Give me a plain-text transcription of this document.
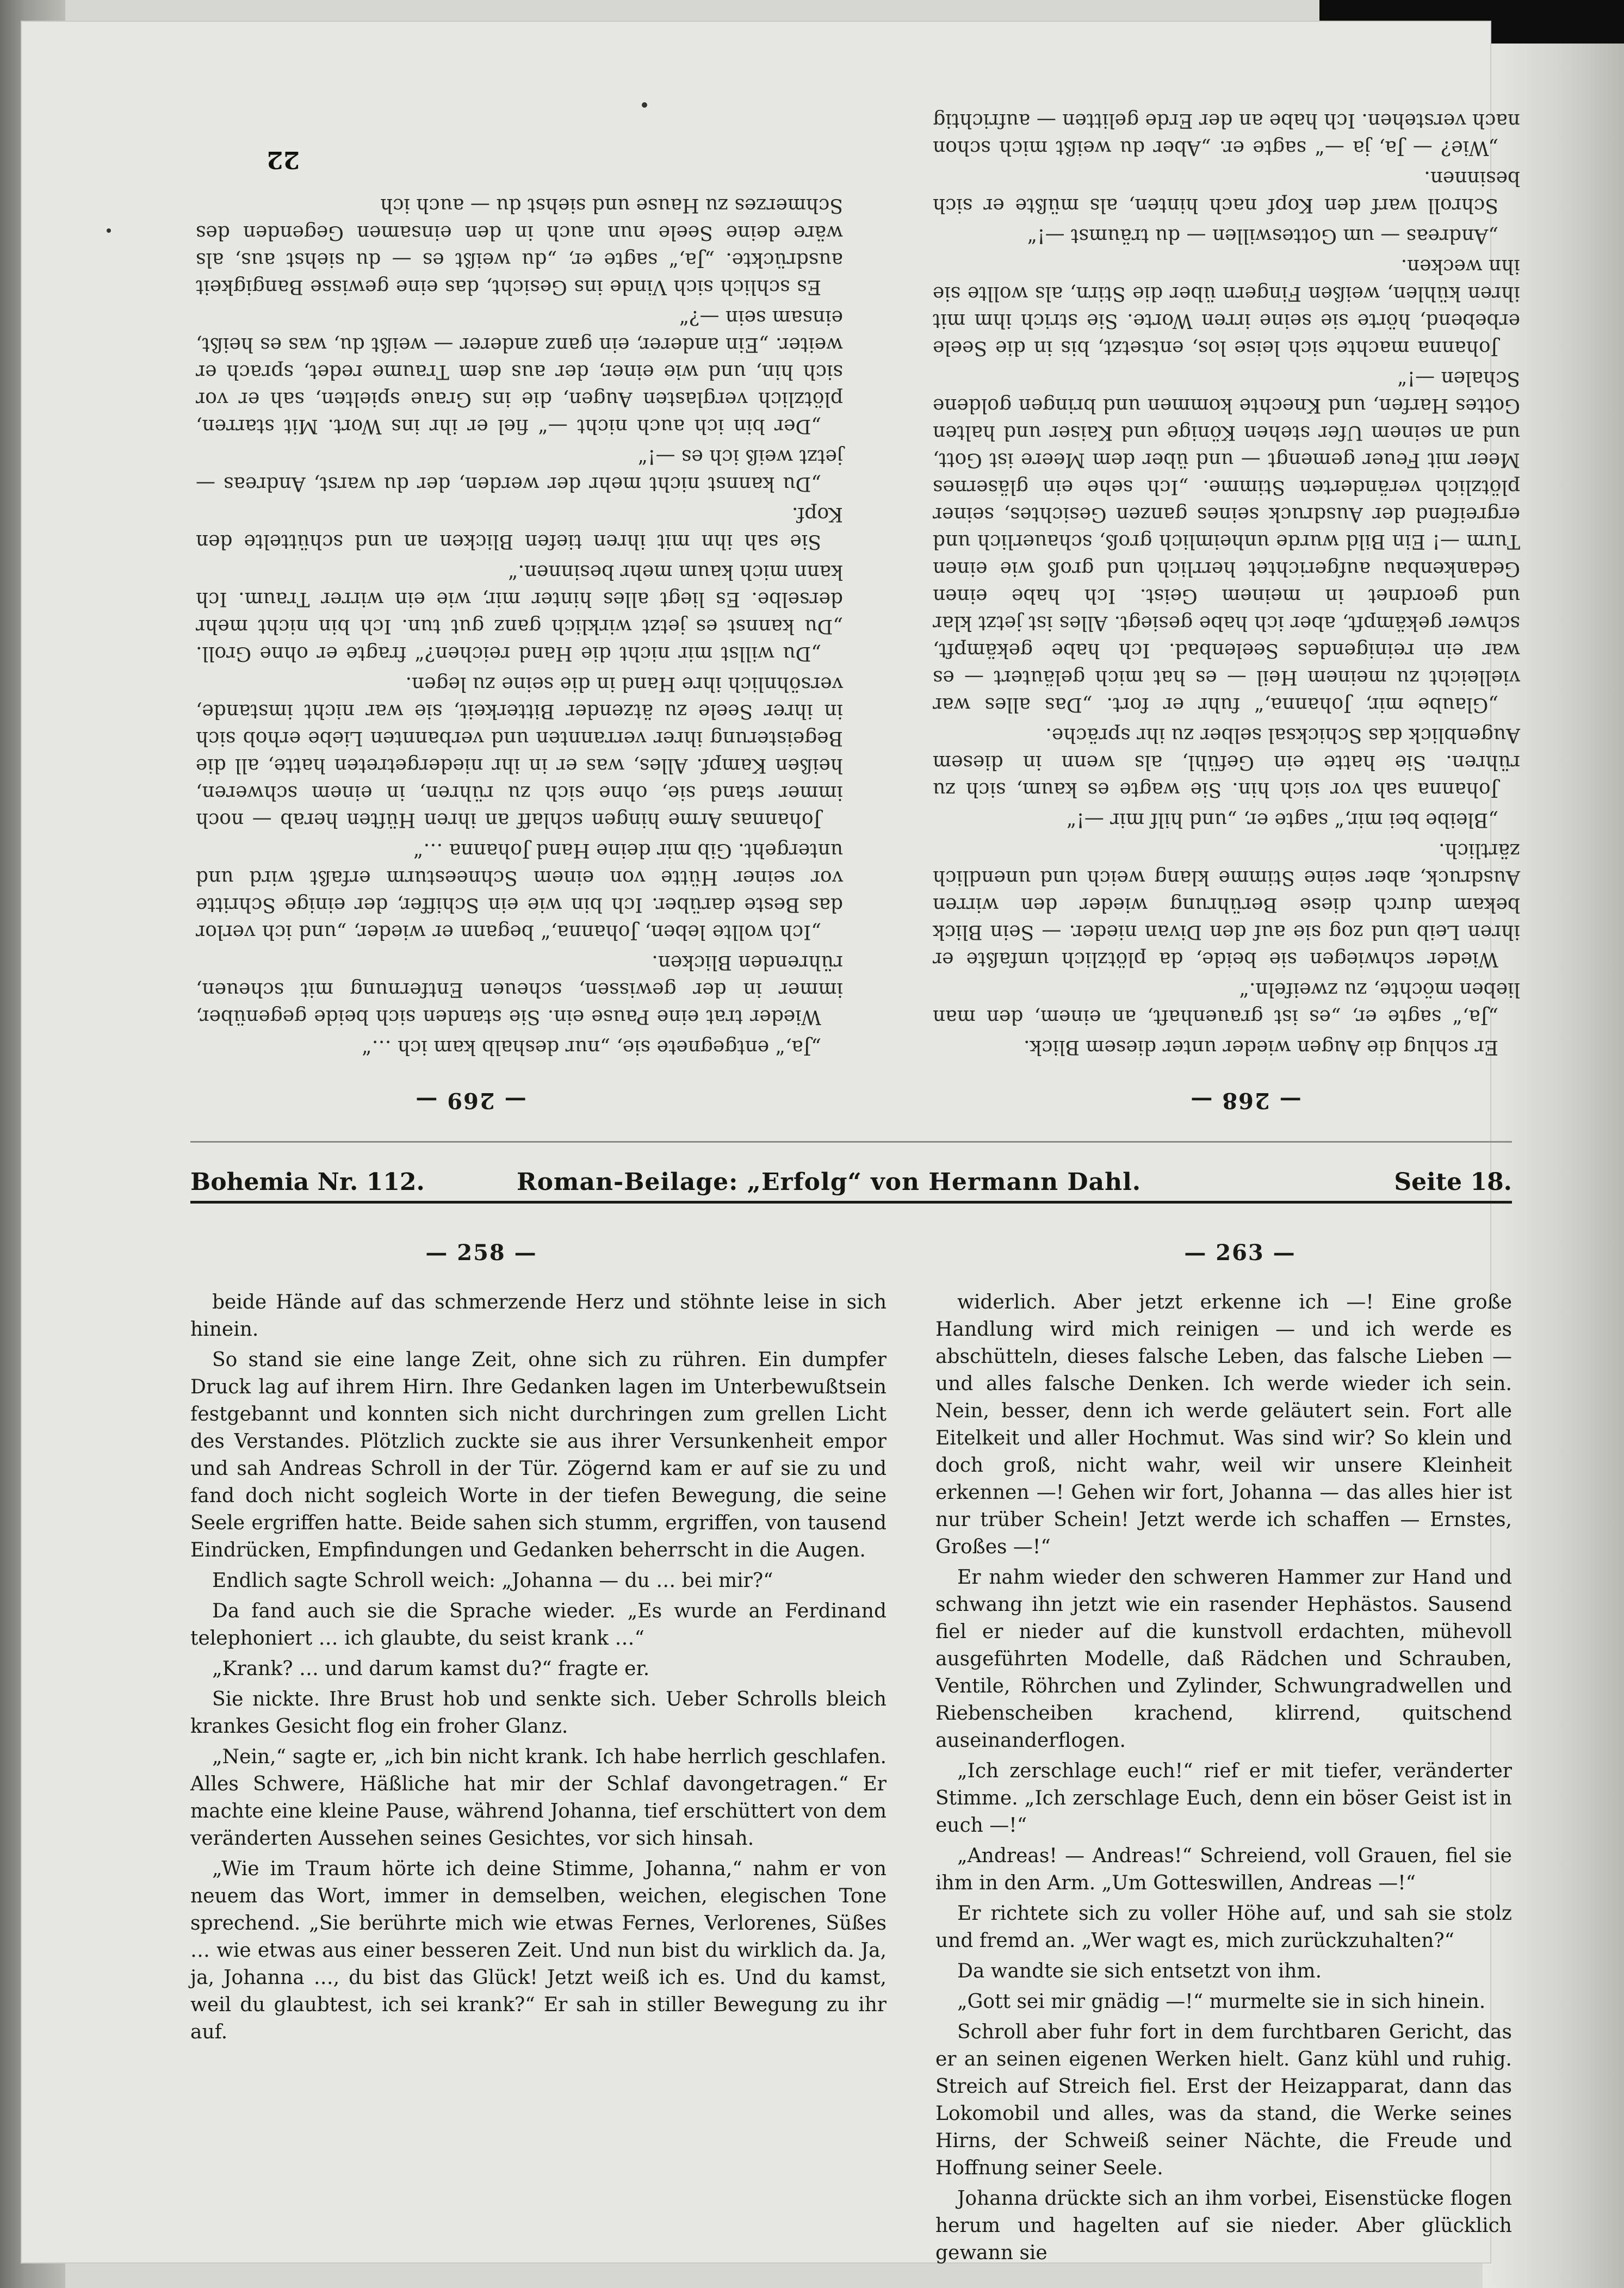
„Ja,“ entgegnete sie, „nur deshalb kam ich …“

Wieder trat eine Pause ein. Sie standen sich beide gegenüber, immer in der gewissen, scheuen Entfernung mit scheuen, rührenden Blicken.

„Ich wollte leben, Johanna,“ begann er wieder, „und ich verlor das Beste darüber. Ich bin wie ein Schiffer, der einige Schritte vor seiner Hütte von einem Schneesturm erfaßt wird und untergeht. Gib mir deine Hand Johanna …“

Johannas Arme hingen schlaff an ihren Hüften herab — noch immer stand sie, ohne sich zu rühren, in einem schweren, heißen Kampf. Alles, was er in ihr niedergetreten hatte, all die Begeisterung ihrer verrannten und verbannten Liebe erhob sich in ihrer Seele zu ätzender Bitterkeit, sie war nicht imstande, versöhnlich ihre Hand in die seine zu legen.

„Du willst mir nicht die Hand reichen?“ fragte er ohne Groll. „Du kannst es jetzt wirklich ganz gut tun. Ich bin nicht mehr derselbe. Es liegt alles hinter mir, wie ein wirrer Traum. Ich kann mich kaum mehr besinnen.“

Sie sah ihn mit ihren tiefen Blicken an und schüttelte den Kopf.

„Du kannst nicht mehr der werden, der du warst, Andreas — jetzt weiß ich es —!“

„Der bin ich auch nicht —“ fiel er ihr ins Wort. Mit starren, plötzlich verglasten Augen, die ins Graue spielten, sah er vor sich hin, und wie einer, der aus dem Traume redet, sprach er weiter. „Ein anderer, ein ganz anderer — weißt du, was es heißt, einsam sein —?“

Es schlich sich Vinde ins Gesicht, das eine gewisse Bangigkeit ausdrückte. „Ja,“ sagte er, „du weißt es — du siehst aus, als wäre deine Seele nun auch in den einsamen Gegenden des Schmerzes zu Hause und siehst du — auch ich

— 269 —

Er schlug die Augen wieder unter diesem Blick.

„Ja,“ sagte er, „es ist grauenhaft, an einem, den man lieben möchte, zu zweifeln.“

Wieder schwiegen sie beide, da plötzlich umfaßte er ihren Leib und zog sie auf den Divan nieder. — Sein Blick bekam durch diese Berührung wieder den wirren Ausdruck, aber seine Stimme klang weich und unendlich zärtlich.

„Bleibe bei mir,“ sagte er, „und hilf mir —!“

Johanna sah vor sich hin. Sie wagte es kaum, sich zu rühren. Sie hatte ein Gefühl, als wenn in diesem Augenblick das Schicksal selber zu ihr spräche.

„Glaube mir, Johanna,“ fuhr er fort. „Das alles war vielleicht zu meinem Heil — es hat mich geläutert — es war ein reinigendes Seelenbad. Ich habe gekämpft, schwer gekämpft, aber ich habe gesiegt. Alles ist jetzt klar und geordnet in meinem Geist. Ich habe einen Gedankenbau aufgerichtet herrlich und groß wie einen Turm —! Ein Bild wurde unheimlich groß, schauerlich und ergreifend der Ausdruck seines ganzen Gesichtes, seiner plötzlich veränderten Stimme. „Ich sehe ein gläsernes Meer mit Feuer gemengt — und über dem Meere ist Gott, und an seinem Ufer stehen Könige und Kaiser und halten Gottes Harfen, und Knechte kommen und bringen goldene Schalen —!“

Johanna machte sich leise los, entsetzt, bis in die Seele erbebend, hörte sie seine irren Worte. Sie strich ihm mit ihren kühlen, weißen Fingern über die Stirn, als wollte sie ihn wecken.

„Andreas — um Gotteswillen — du träumst —!“

Schroll warf den Kopf nach hinten, als müßte er sich besinnen.

„Wie? — Ja, ja —“ sagte er. „Aber du weißt mich schon nach verstehen. Ich habe an der Erde gelitten — aufrichtig

— 268 —
22
Bohemia Nr. 112.	Roman-Beilage: „Erfolg“ von Hermann Dahl.	Seite 18.
— 258 —

beide Hände auf das schmerzende Herz und stöhnte leise in sich hinein.

So stand sie eine lange Zeit, ohne sich zu rühren. Ein dumpfer Druck lag auf ihrem Hirn. Ihre Gedanken lagen im Unterbewußtsein festgebannt und konnten sich nicht durchringen zum grellen Licht des Verstandes. Plötzlich zuckte sie aus ihrer Versunkenheit empor und sah Andreas Schroll in der Tür. Zögernd kam er auf sie zu und fand doch nicht sogleich Worte in der tiefen Bewegung, die seine Seele ergriffen hatte. Beide sahen sich stumm, ergriffen, von tausend Eindrücken, Empfindungen und Gedanken beherrscht in die Augen.

Endlich sagte Schroll weich: „Johanna — du … bei mir?“

Da fand auch sie die Sprache wieder. „Es wurde an Ferdinand telephoniert … ich glaubte, du seist krank …“

„Krank? … und darum kamst du?“ fragte er.

Sie nickte. Ihre Brust hob und senkte sich. Ueber Schrolls bleich krankes Gesicht flog ein froher Glanz.

„Nein,“ sagte er, „ich bin nicht krank. Ich habe herrlich geschlafen. Alles Schwere, Häßliche hat mir der Schlaf davongetragen.“ Er machte eine kleine Pause, während Johanna, tief erschüttert von dem veränderten Aussehen seines Gesichtes, vor sich hinsah.

„Wie im Traum hörte ich deine Stimme, Johanna,“ nahm er von neuem das Wort, immer in demselben, weichen, elegischen Tone sprechend. „Sie berührte mich wie etwas Fernes, Verlorenes, Süßes … wie etwas aus einer besseren Zeit. Und nun bist du wirklich da. Ja, ja, Johanna …, du bist das Glück! Jetzt weiß ich es. Und du kamst, weil du glaubtest, ich sei krank?“ Er sah in stiller Bewegung zu ihr auf.

— 263 —

widerlich. Aber jetzt erkenne ich —! Eine große Handlung wird mich reinigen — und ich werde es abschütteln, dieses falsche Leben, das falsche Lieben — und alles falsche Denken. Ich werde wieder ich sein. Nein, besser, denn ich werde geläutert sein. Fort alle Eitelkeit und aller Hochmut. Was sind wir? So klein und doch groß, nicht wahr, weil wir unsere Kleinheit erkennen —! Gehen wir fort, Johanna — das alles hier ist nur trüber Schein! Jetzt werde ich schaffen — Ernstes, Großes —!“

Er nahm wieder den schweren Hammer zur Hand und schwang ihn jetzt wie ein rasender Hephästos. Sausend fiel er nieder auf die kunstvoll erdachten, mühevoll ausgeführten Modelle, daß Rädchen und Schrauben, Ventile, Röhrchen und Zylinder, Schwungradwellen und Riebenscheiben krachend, klirrend, quitschend auseinanderflogen.

„Ich zerschlage euch!“ rief er mit tiefer, veränderter Stimme. „Ich zerschlage Euch, denn ein böser Geist ist in euch —!“

„Andreas! — Andreas!“ Schreiend, voll Grauen, fiel sie ihm in den Arm. „Um Gotteswillen, Andreas —!“

Er richtete sich zu voller Höhe auf, und sah sie stolz und fremd an. „Wer wagt es, mich zurückzuhalten?“

Da wandte sie sich entsetzt von ihm.

„Gott sei mir gnädig —!“ murmelte sie in sich hinein.

Schroll aber fuhr fort in dem furchtbaren Gericht, das er an seinen eigenen Werken hielt. Ganz kühl und ruhig. Streich auf Streich fiel. Erst der Heizapparat, dann das Lokomobil und alles, was da stand, die Werke seines Hirns, der Schweiß seiner Nächte, die Freude und Hoffnung seiner Seele.

Johanna drückte sich an ihm vorbei, Eisenstücke flogen herum und hagelten auf sie nieder. Aber glücklich gewann sie
